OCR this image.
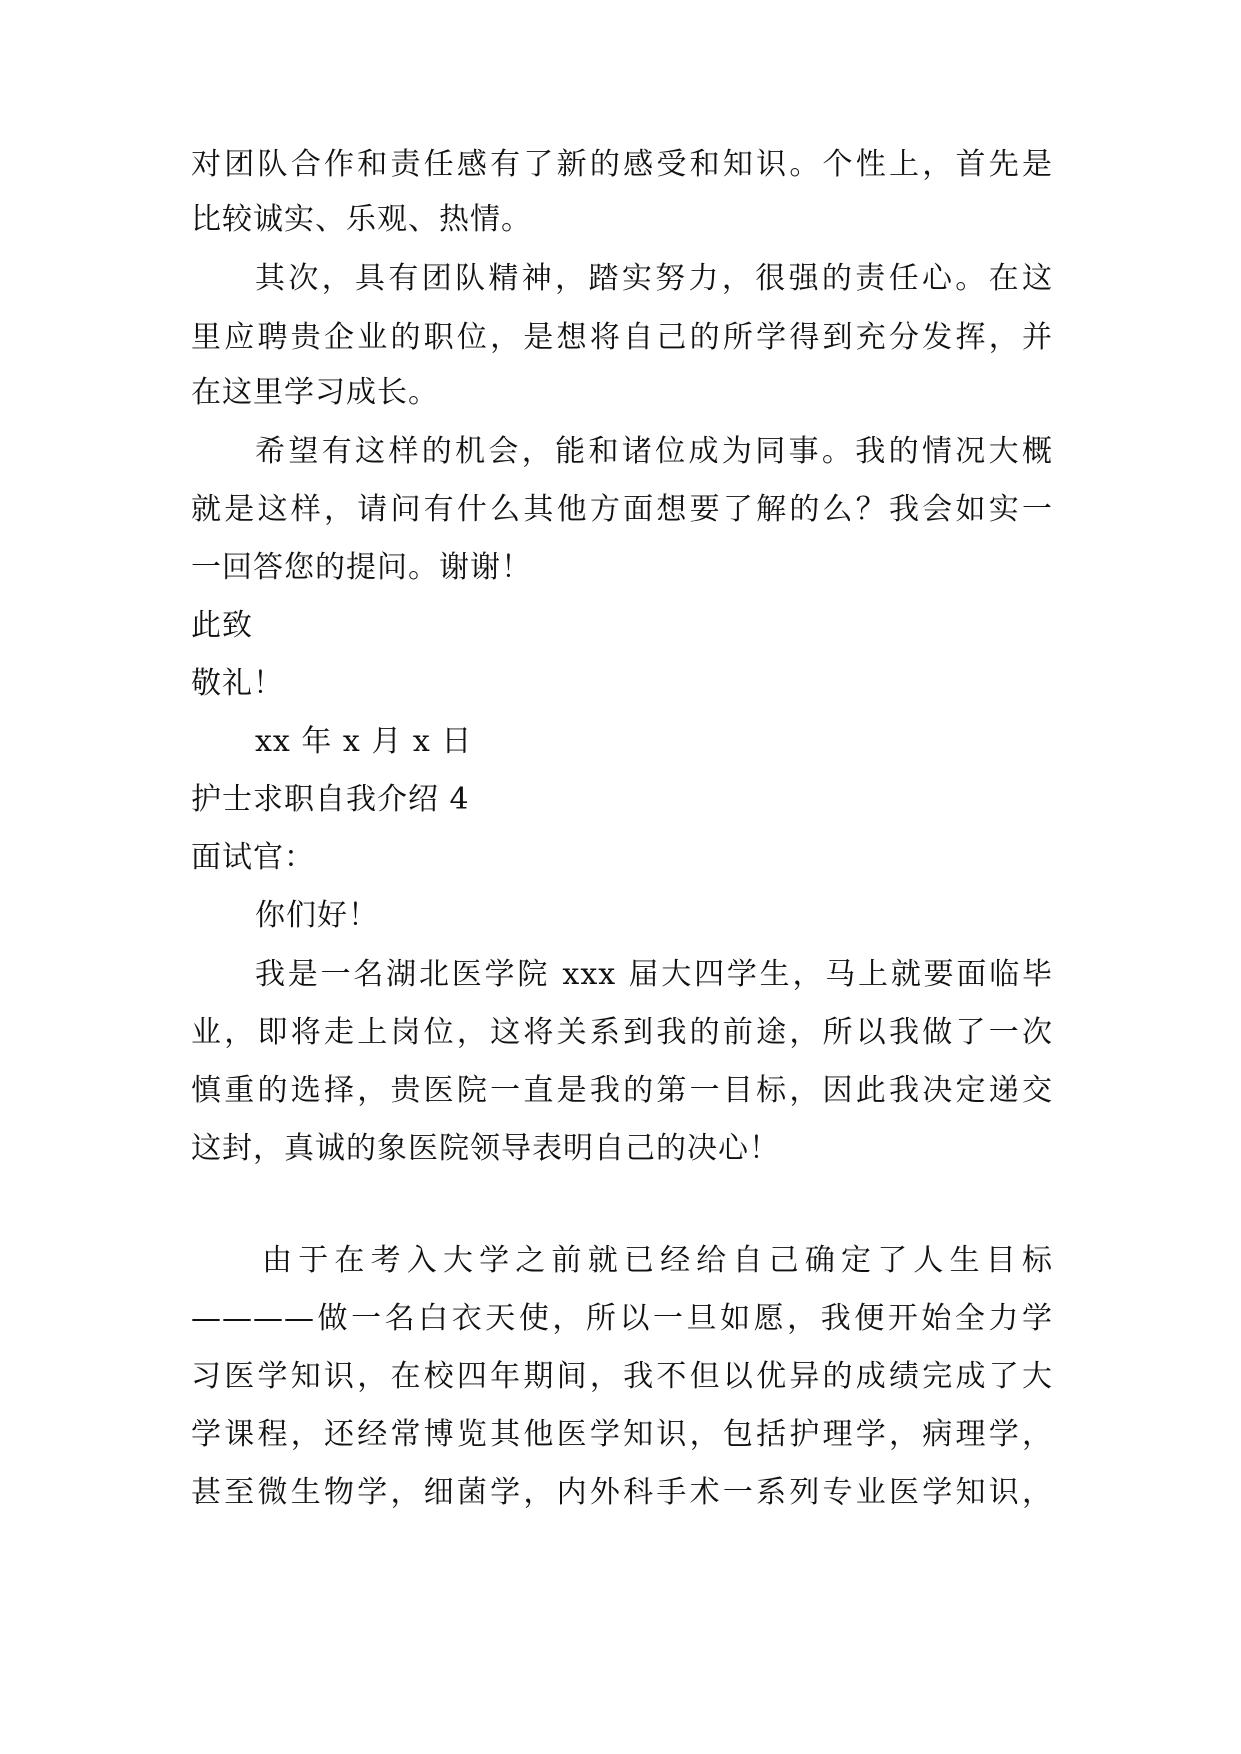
对团队合作和责任感有了新的感受和知识。个性上，首先是
比较诚实、乐观、热情。
其次，具有团队精神，踏实努力，很强的责任心。在这
里应聘贵企业的职位，是想将自己的所学得到充分发挥，并
在这里学习成长。
希望有这样的机会，能和诸位成为同事。我的情况大概
就是这样，请问有什么其他方面想要了解的么？我会如实一
一回答您的提问。谢谢！
此致
敬礼！
xx 年 x 月 x 日
护士求职自我介绍 4
面试官：
你们好！
我是一名湖北医学院 xxx 届大四学生，马上就要面临毕
业，即将走上岗位，这将关系到我的前途，所以我做了一次
慎重的选择，贵医院一直是我的第一目标，因此我决定递交
这封，真诚的象医院领导表明自己的决心！
由于在考入大学之前就已经给自己确定了人生目标
————做一名白衣天使，所以一旦如愿，我便开始全力学
习医学知识，在校四年期间，我不但以优异的成绩完成了大
学课程，还经常博览其他医学知识，包括护理学，病理学，
甚至微生物学，细菌学，内外科手术一系列专业医学知识，
